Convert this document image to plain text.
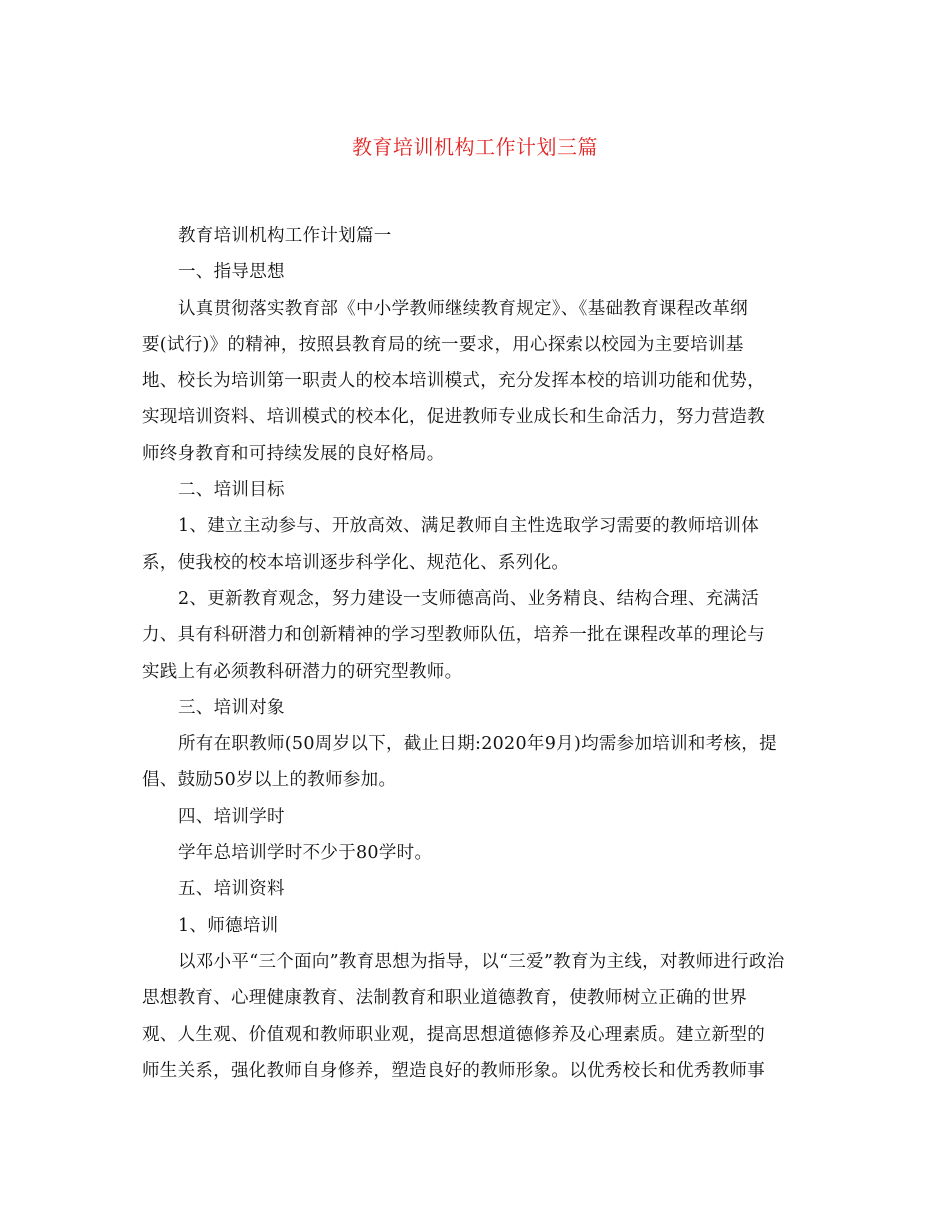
教育培训机构工作计划三篇
教育培训机构工作计划篇一
一、指导思想
认真贯彻落实教育部《中小学教师继续教育规定》、《基础教育课程改革纲
要(试行)》的精神，按照县教育局的统一要求，用心探索以校园为主要培训基
地、校长为培训第一职责人的校本培训模式，充分发挥本校的培训功能和优势，
实现培训资料、培训模式的校本化，促进教师专业成长和生命活力，努力营造教
师终身教育和可持续发展的良好格局。
二、培训目标
1、建立主动参与、开放高效、满足教师自主性选取学习需要的教师培训体
系，使我校的校本培训逐步科学化、规范化、系列化。
2、更新教育观念，努力建设一支师德高尚、业务精良、结构合理、充满活
力、具有科研潜力和创新精神的学习型教师队伍，培养一批在课程改革的理论与
实践上有必须教科研潜力的研究型教师。
三、培训对象
所有在职教师(50周岁以下，截止日期:2020年9月)均需参加培训和考核，提
倡、鼓励50岁以上的教师参加。
四、培训学时
学年总培训学时不少于80学时。
五、培训资料
1、师德培训
以邓小平“三个面向”教育思想为指导，以“三爱”教育为主线，对教师进行政治
思想教育、心理健康教育、法制教育和职业道德教育，使教师树立正确的世界
观、人生观、价值观和教师职业观，提高思想道德修养及心理素质。建立新型的
师生关系，强化教师自身修养，塑造良好的教师形象。以优秀校长和优秀教师事
